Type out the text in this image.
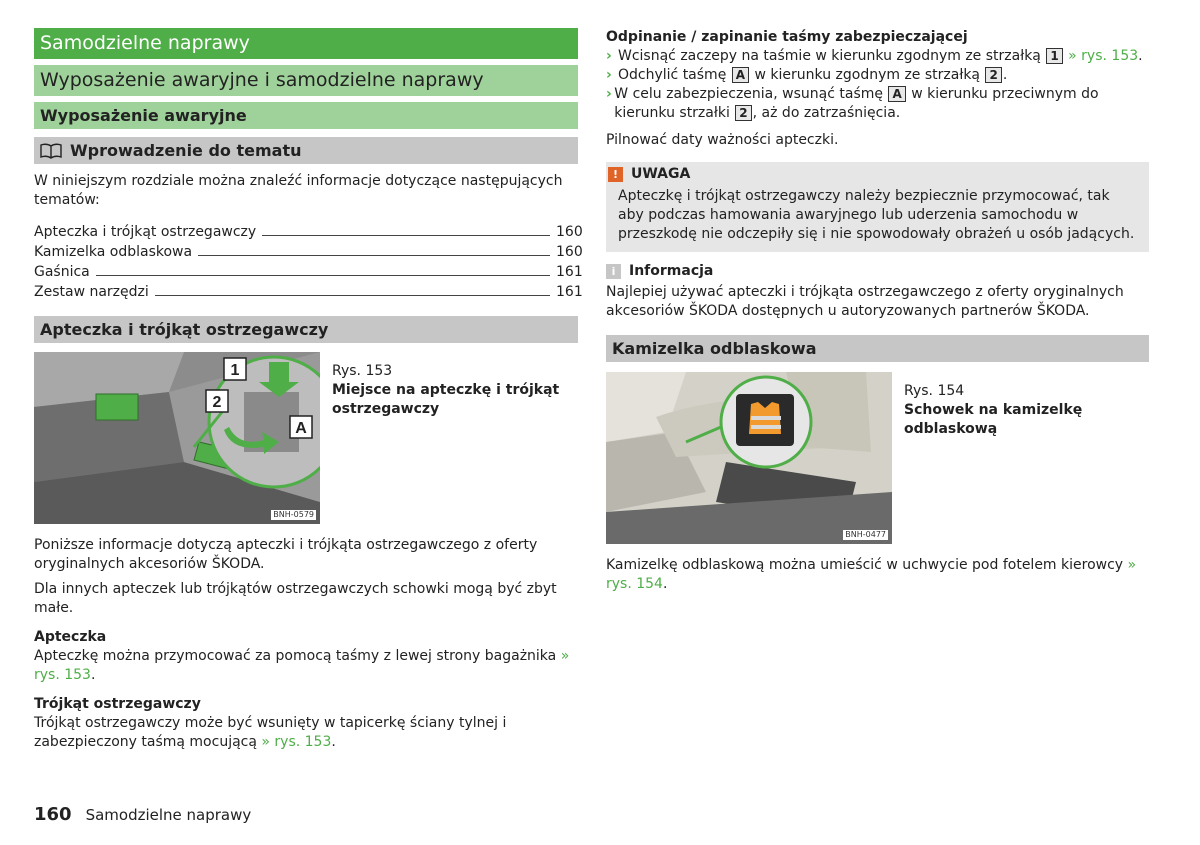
Samodzielne naprawy
Wyposażenie awaryjne i samodzielne naprawy
Wyposażenie awaryjne
Wprowadzenie do tematu

W niniejszym rozdziale można znaleźć informacje dotyczące następujących tematów:

Apteczka i trójkąt ostrzegawczy	160
Kamizelka odblaskowa	160
Gaśnica	161
Zestaw narzędzi	161
Apteczka i trójkąt ostrzegawczy
1
2
A
BNH-0579
Rys. 153
Miejsce na apteczkę i trójkąt ostrzegawczy

Poniższe informacje dotyczą apteczki i trójkąta ostrzegawczego z oferty oryginalnych akcesoriów ŠKODA.

Dla innych apteczek lub trójkątów ostrzegawczych schowki mogą być zbyt małe.

Apteczka

Apteczkę można przymocować za pomocą taśmy z lewej strony bagażnika » rys. 153.

Trójkąt ostrzegawczy

Trójkąt ostrzegawczy może być wsunięty w tapicerkę ściany tylnej i zabezpieczony taśmą mocującą » rys. 153.

Odpinanie / zapinanie taśmy zabezpieczającej
› Wcisnąć zaczepy na taśmie w kierunku zgodnym ze strzałką 1 » rys. 153.
› Odchylić taśmę A w kierunku zgodnym ze strzałką 2 .
› W celu zabezpieczenia, wsunąć taśmę A w kierunku przeciwnym do kierunku strzałki 2 , aż do zatrzaśnięcia.

Pilnować daty ważności apteczki.

! UWAGA
Apteczkę i trójkąt ostrzegawczy należy bezpiecznie przymocować, tak aby podczas hamowania awaryjnego lub uderzenia samochodu w przeszkodę nie odczepiły się i nie spowodowały obrażeń u osób jadących.
i Informacja
Najlepiej używać apteczki i trójkąta ostrzegawczego z oferty oryginalnych akcesoriów ŠKODA dostępnych u autoryzowanych partnerów ŠKODA.
Kamizelka odblaskowa
BNH-0477
Rys. 154
Schowek na kamizelkę odblaskową

Kamizelkę odblaskową można umieścić w uchwycie pod fotelem kierowcy » rys. 154.

160 Samodzielne naprawy
